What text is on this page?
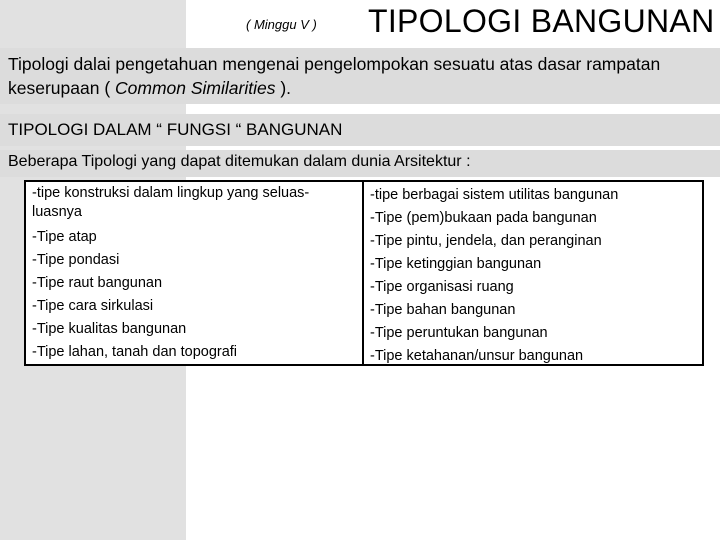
( Minggu V ) TIPOLOGI BANGUNAN
Tipologi dalai pengetahuan mengenai pengelompokan sesuatu atas dasar rampatan keserupaan ( Common Similarities ).
TIPOLOGI DALAM “ FUNGSI “ BANGUNAN
Beberapa Tipologi yang dapat ditemukan dalam dunia Arsitektur :
-tipe konstruksi dalam lingkup yang seluas-luasnya
-Tipe atap
-Tipe pondasi
-Tipe raut bangunan
-Tipe cara sirkulasi
-Tipe kualitas bangunan
-Tipe lahan, tanah dan topografi
-tipe berbagai sistem utilitas bangunan
-Tipe (pem)bukaan pada bangunan
-Tipe pintu, jendela, dan peranginan
-Tipe ketinggian bangunan
-Tipe organisasi ruang
-Tipe bahan bangunan
-Tipe peruntukan bangunan
-Tipe ketahanan/unsur bangunan
